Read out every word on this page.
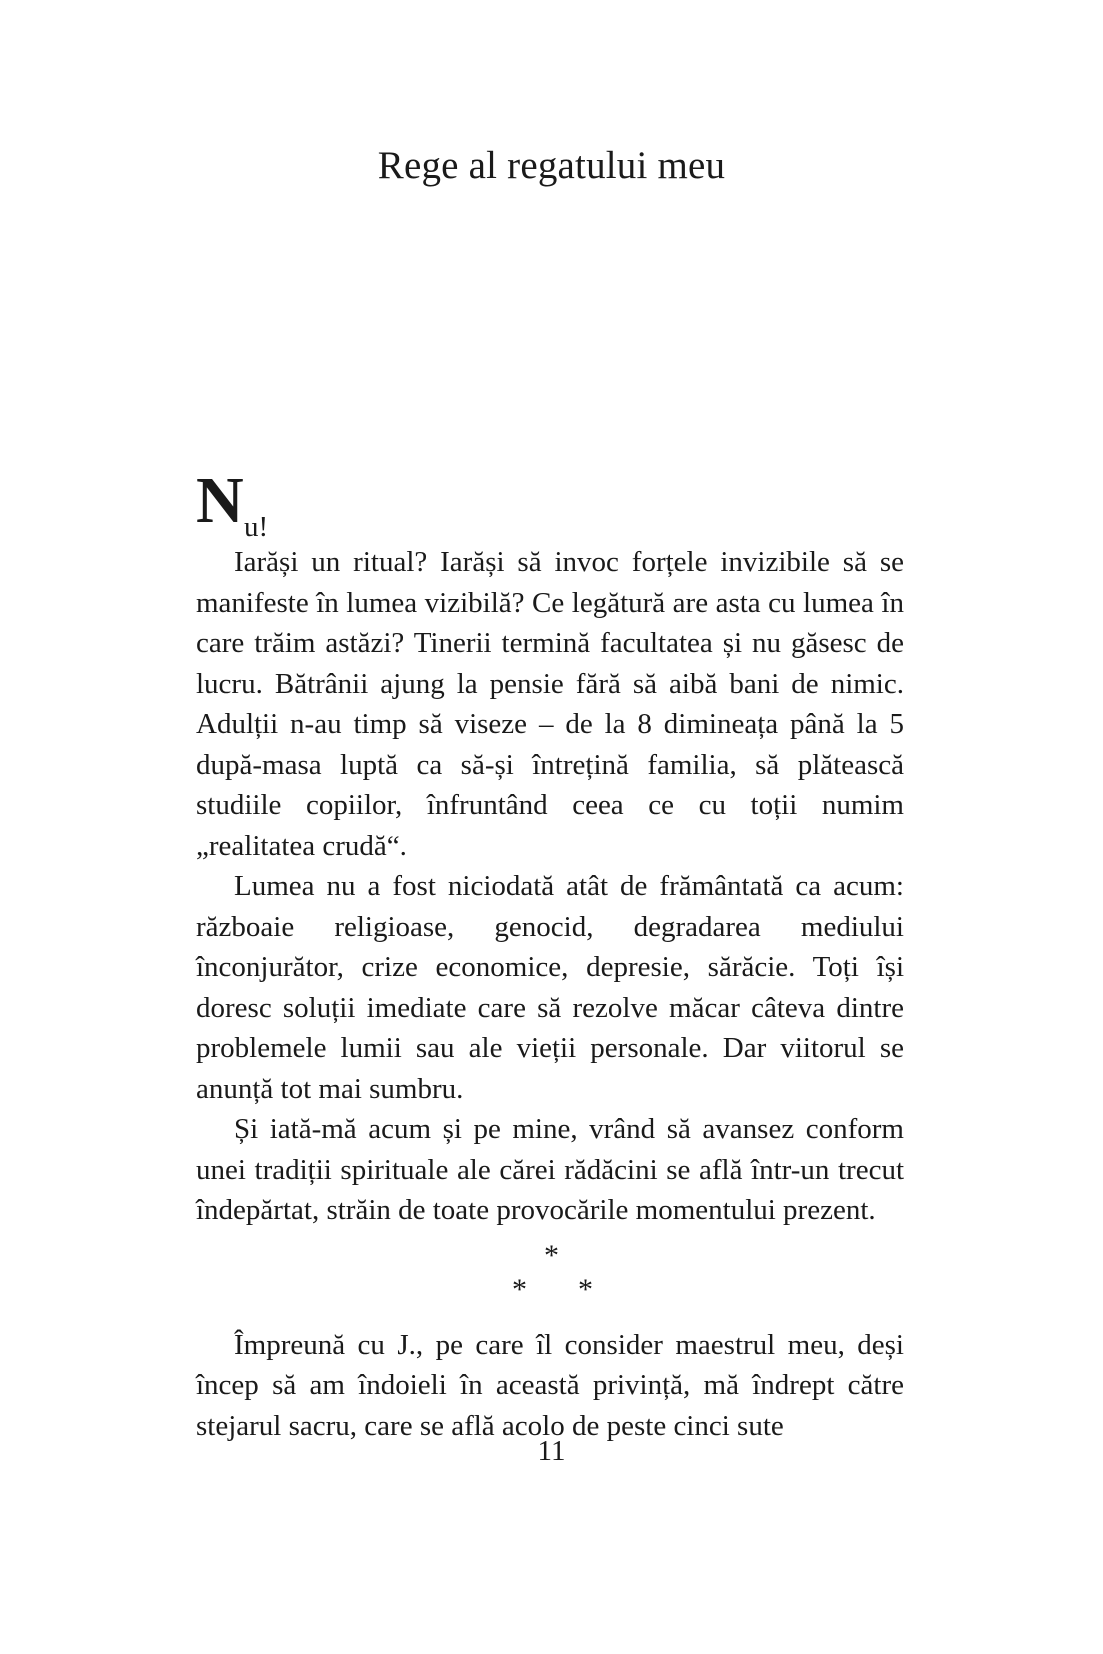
Rege al regatului meu
N u!

Iarăși un ritual? Iarăși să invoc forțele invizibile să se manifeste în lumea vizibilă? Ce legătură are asta cu lumea în care trăim astăzi? Tinerii termină facultatea și nu găsesc de lucru. Bătrânii ajung la pensie fără să aibă bani de nimic. Adulții n-au timp să viseze – de la 8 dimineața până la 5 după-masa luptă ca să-și întrețină familia, să plătească studiile copiilor, înfruntând ceea ce cu toții numim „realitatea crudă“.

Lumea nu a fost niciodată atât de frământată ca acum: războaie religioase, genocid, degradarea mediului înconjurător, crize economice, depresie, sărăcie. Toți își doresc soluții imediate care să rezolve măcar câteva dintre problemele lumii sau ale vieții personale. Dar viitorul se anunță tot mai sumbru.

Și iată-mă acum și pe mine, vrând să avansez conform unei tradiții spirituale ale cărei rădăcini se află într-un trecut îndepărtat, străin de toate provocările momentului prezent.

*
* *

Împreună cu J., pe care îl consider maestrul meu, deși încep să am îndoieli în această privință, mă îndrept către stejarul sacru, care se află acolo de peste cinci sute

11
